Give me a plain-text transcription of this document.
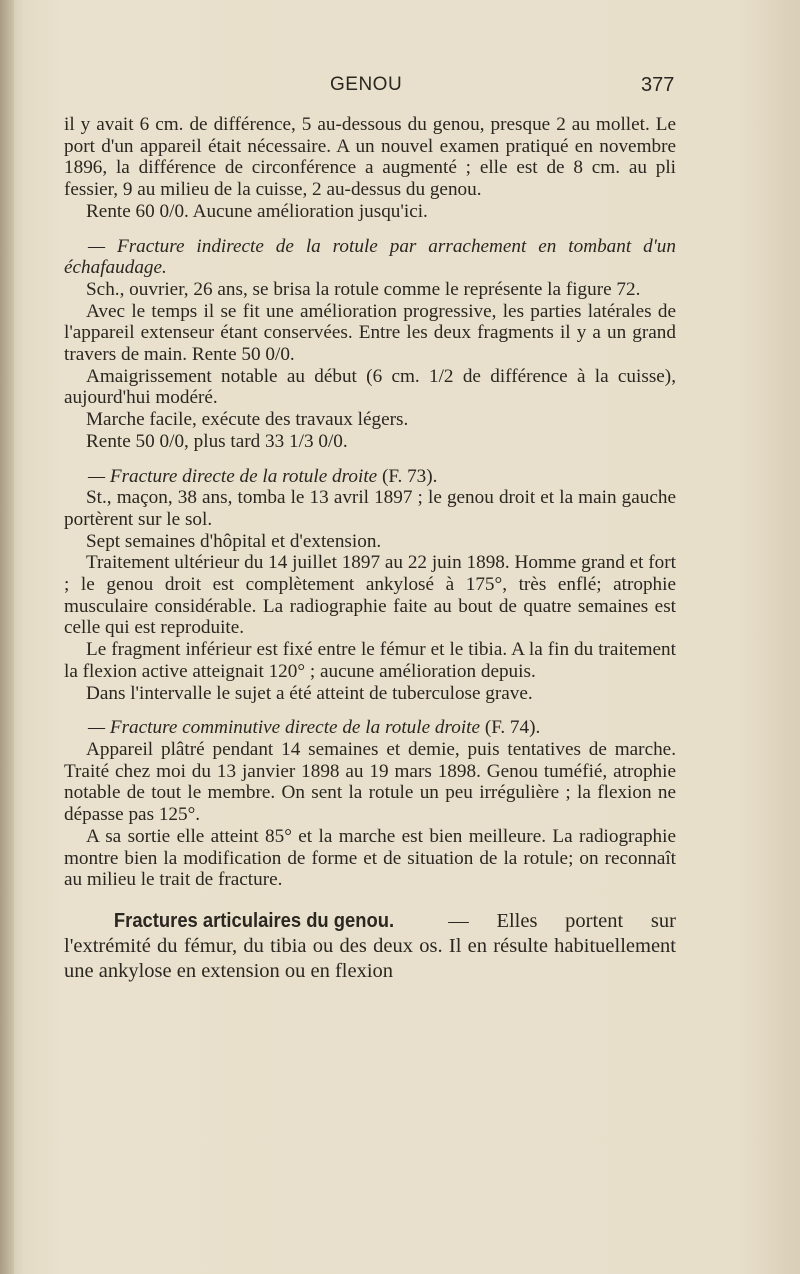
GENOU	377

il y avait 6 cm. de différence, 5 au-dessous du genou, presque 2 au mollet. Le port d'un appareil était nécessaire. A un nouvel examen pratiqué en novembre 1896, la différence de circonférence a augmenté ; elle est de 8 cm. au pli fessier, 9 au milieu de la cuisse, 2 au-dessus du genou.

Rente 60 0/0. Aucune amélioration jusqu'ici.

— Fracture indirecte de la rotule par arrachement en tombant d'un échafaudage.

Sch., ouvrier, 26 ans, se brisa la rotule comme le représente la figure 72.

Avec le temps il se fit une amélioration progressive, les parties latérales de l'appareil extenseur étant conservées. Entre les deux fragments il y a un grand travers de main. Rente 50 0/0.

Amaigrissement notable au début (6 cm. 1/2 de différence à la cuisse), aujourd'hui modéré.

Marche facile, exécute des travaux légers.

Rente 50 0/0, plus tard 33 1/3 0/0.

— Fracture directe de la rotule droite (F. 73).

St., maçon, 38 ans, tomba le 13 avril 1897 ; le genou droit et la main gauche portèrent sur le sol.

Sept semaines d'hôpital et d'extension.

Traitement ultérieur du 14 juillet 1897 au 22 juin 1898. Homme grand et fort ; le genou droit est complètement ankylosé à 175°, très enflé; atrophie musculaire considérable. La radiographie faite au bout de quatre semaines est celle qui est reproduite.

Le fragment inférieur est fixé entre le fémur et le tibia. A la fin du traitement la flexion active atteignait 120° ; aucune amélioration depuis.

Dans l'intervalle le sujet a été atteint de tuberculose grave.

— Fracture comminutive directe de la rotule droite (F. 74).

Appareil plâtré pendant 14 semaines et demie, puis tentatives de marche. Traité chez moi du 13 janvier 1898 au 19 mars 1898. Genou tuméfié, atrophie notable de tout le membre. On sent la rotule un peu irrégulière ; la flexion ne dépasse pas 125°.

A sa sortie elle atteint 85° et la marche est bien meilleure. La radiographie montre bien la modification de forme et de situation de la rotule; on reconnaît au milieu le trait de fracture.

Fractures articulaires du genou. — Elles portent sur l'extrémité du fémur, du tibia ou des deux os. Il en résulte habituellement une ankylose en extension ou en flexion
